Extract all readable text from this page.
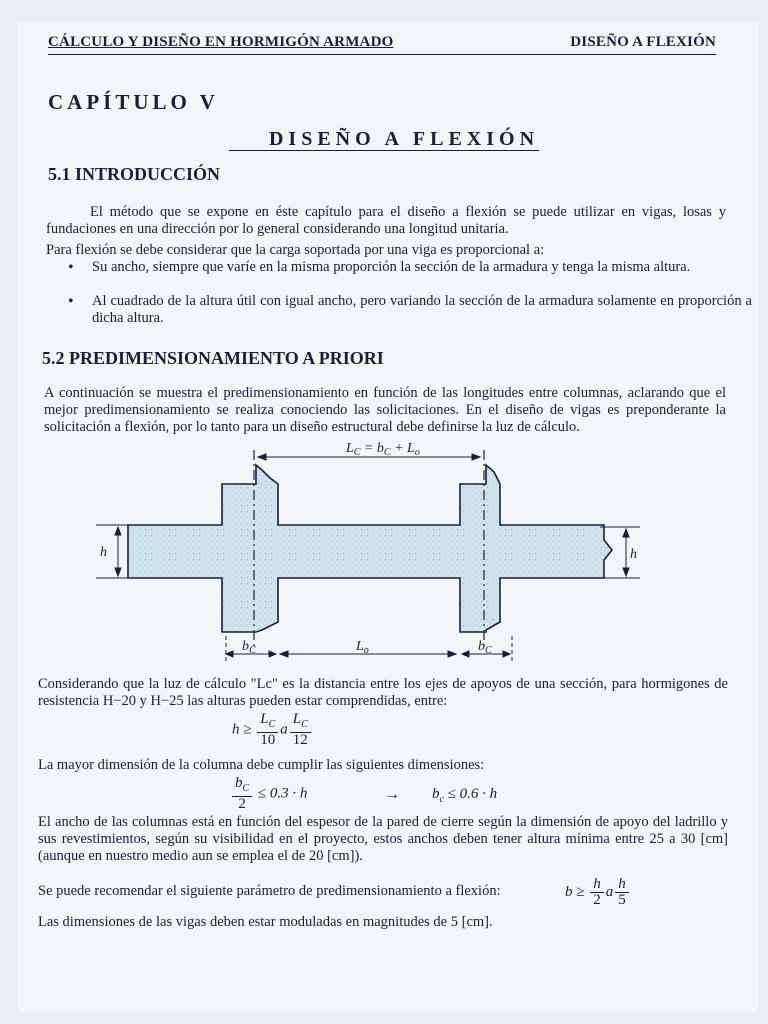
CÁLCULO Y DISEÑO EN HORMIGÓN ARMADO	DISEÑO A FLEXIÓN
CAPÍTULO V
DISEÑO A FLEXIÓN
5.1 INTRODUCCIÓN
El método que se expone en éste capítulo para el diseño a flexión se puede utilizar en vigas, losas y fundaciones en una dirección por lo general considerando una longitud unitaria.
Para flexión se debe considerar que la carga soportada por una viga es proporcional a:
• Su ancho, siempre que varíe en la misma proporción la sección de la armadura y tenga la misma altura.
• Al cuadrado de la altura útil con igual ancho, pero variando la sección de la armadura solamente en proporción a dicha altura.
5.2 PREDIMENSIONAMIENTO A PRIORI
A continuación se muestra el predimensionamiento en función de las longitudes entre columnas, aclarando que el mejor predimensionamiento se realiza conociendo las solicitaciones. En el diseño de vigas es preponderante la solicitación a flexión, por lo tanto para un diseño estructural debe definirse la luz de cálculo.
$L_C = b_C + L_o$
h	h
$b_C$	$L_o$	$b_C$
Considerando que la luz de cálculo "Lc" es la distancia entre los ejes de apoyos de una sección, para hormigones de resistencia H−20 y H−25 las alturas pueden estar comprendidas, entre:
$h \ge \frac{L_C}{10}$ a $\frac{L_C}{12}$
La mayor dimensión de la columna debe cumplir las siguientes dimensiones:
$\frac{b_C}{2} \le 0.3 \cdot h$	→ $b_c \le 0.6 \cdot h$
El ancho de las columnas está en función del espesor de la pared de cierre según la dimensión de apoyo del ladrillo y sus revestimientos, según su visibilidad en el proyecto, estos anchos deben tener altura mínima entre 25 a 30 [cm] (aunque en nuestro medio aun se emplea el de 20 [cm]).
Se puede recomendar el siguiente parámetro de predimensionamiento a flexión:	$b \ge \frac{h}{2}$ a $\frac{h}{5}$
Las dimensiones de las vigas deben estar moduladas en magnitudes de 5 [cm].
